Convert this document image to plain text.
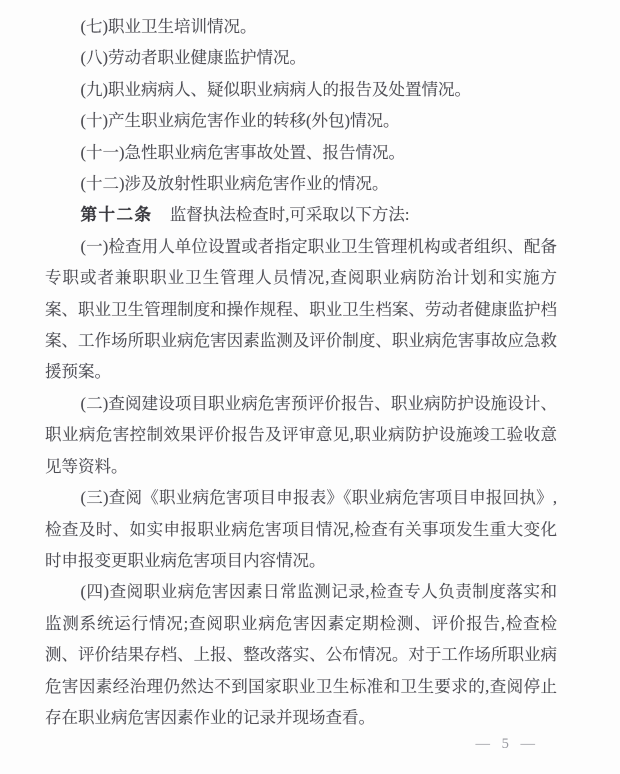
(七)职业卫生培训情况。

(八)劳动者职业健康监护情况。

(九)职业病病人、疑似职业病病人的报告及处置情况。

(十)产生职业病危害作业的转移(外包)情况。

(十一)急性职业病危害事故处置、报告情况。

(十二)涉及放射性职业病危害作业的情况。

第十二条 监督执法检查时,可采取以下方法:

(一)检查用人单位设置或者指定职业卫生管理机构或者组织、配备专职或者兼职职业卫生管理人员情况,查阅职业病防治计划和实施方案、职业卫生管理制度和操作规程、职业卫生档案、劳动者健康监护档案、工作场所职业病危害因素监测及评价制度、职业病危害事故应急救援预案。

(二)查阅建设项目职业病危害预评价报告、职业病防护设施设计、职业病危害控制效果评价报告及评审意见,职业病防护设施竣工验收意见等资料。

(三)查阅《职业病危害项目申报表》《职业病危害项目申报回执》,检查及时、如实申报职业病危害项目情况,检查有关事项发生重大变化时申报变更职业病危害项目内容情况。

(四)查阅职业病危害因素日常监测记录,检查专人负责制度落实和监测系统运行情况;查阅职业病危害因素定期检测、评价报告,检查检测、评价结果存档、上报、整改落实、公布情况。对于工作场所职业病危害因素经治理仍然达不到国家职业卫生标准和卫生要求的,查阅停止存在职业病危害因素作业的记录并现场查看。

— 5 —
